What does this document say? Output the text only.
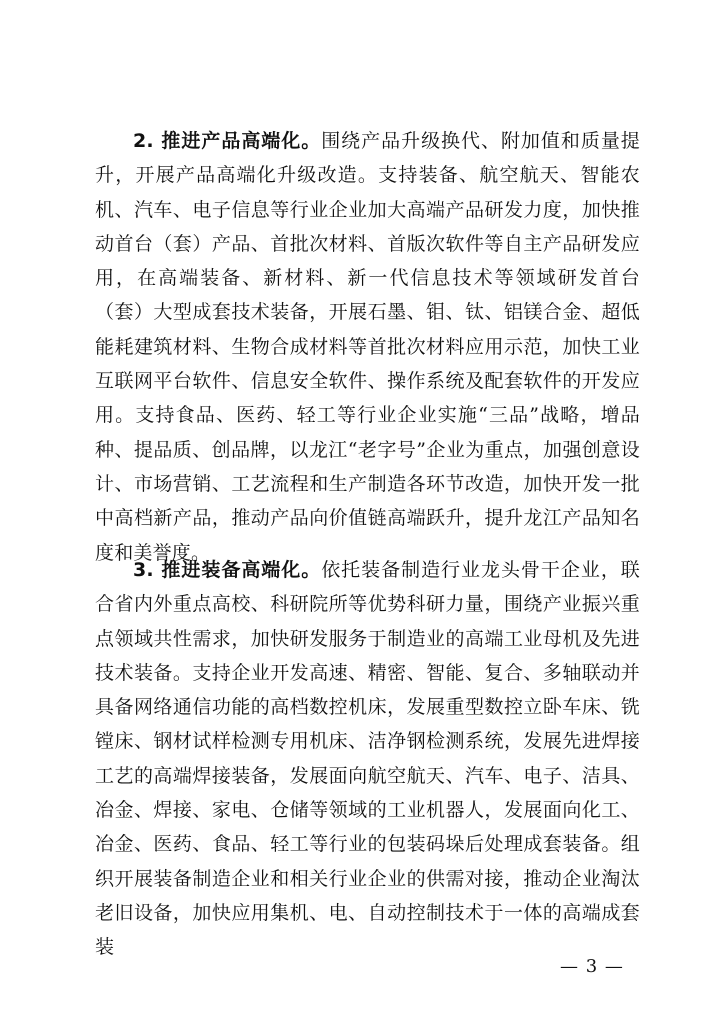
2. 推进产品高端化。围绕产品升级换代、附加值和质量提升，开展产品高端化升级改造。支持装备、航空航天、智能农机、汽车、电子信息等行业企业加大高端产品研发力度，加快推动首台（套）产品、首批次材料、首版次软件等自主产品研发应用，在高端装备、新材料、新一代信息技术等领域研发首台（套）大型成套技术装备，开展石墨、钼、钛、铝镁合金、超低能耗建筑材料、生物合成材料等首批次材料应用示范，加快工业互联网平台软件、信息安全软件、操作系统及配套软件的开发应用。支持食品、医药、轻工等行业企业实施“三品”战略，增品种、提品质、创品牌，以龙江“老字号”企业为重点，加强创意设计、市场营销、工艺流程和生产制造各环节改造，加快开发一批中高档新产品，推动产品向价值链高端跃升，提升龙江产品知名度和美誉度。

3. 推进装备高端化。依托装备制造行业龙头骨干企业，联合省内外重点高校、科研院所等优势科研力量，围绕产业振兴重点领域共性需求，加快研发服务于制造业的高端工业母机及先进技术装备。支持企业开发高速、精密、智能、复合、多轴联动并具备网络通信功能的高档数控机床，发展重型数控立卧车床、铣镗床、钢材试样检测专用机床、洁净钢检测系统，发展先进焊接工艺的高端焊接装备，发展面向航空航天、汽车、电子、洁具、冶金、焊接、家电、仓储等领域的工业机器人，发展面向化工、冶金、医药、食品、轻工等行业的包装码垛后处理成套装备。组织开展装备制造企业和相关行业企业的供需对接，推动企业淘汰老旧设备，加快应用集机、电、自动控制技术于一体的高端成套装

— 3 —
